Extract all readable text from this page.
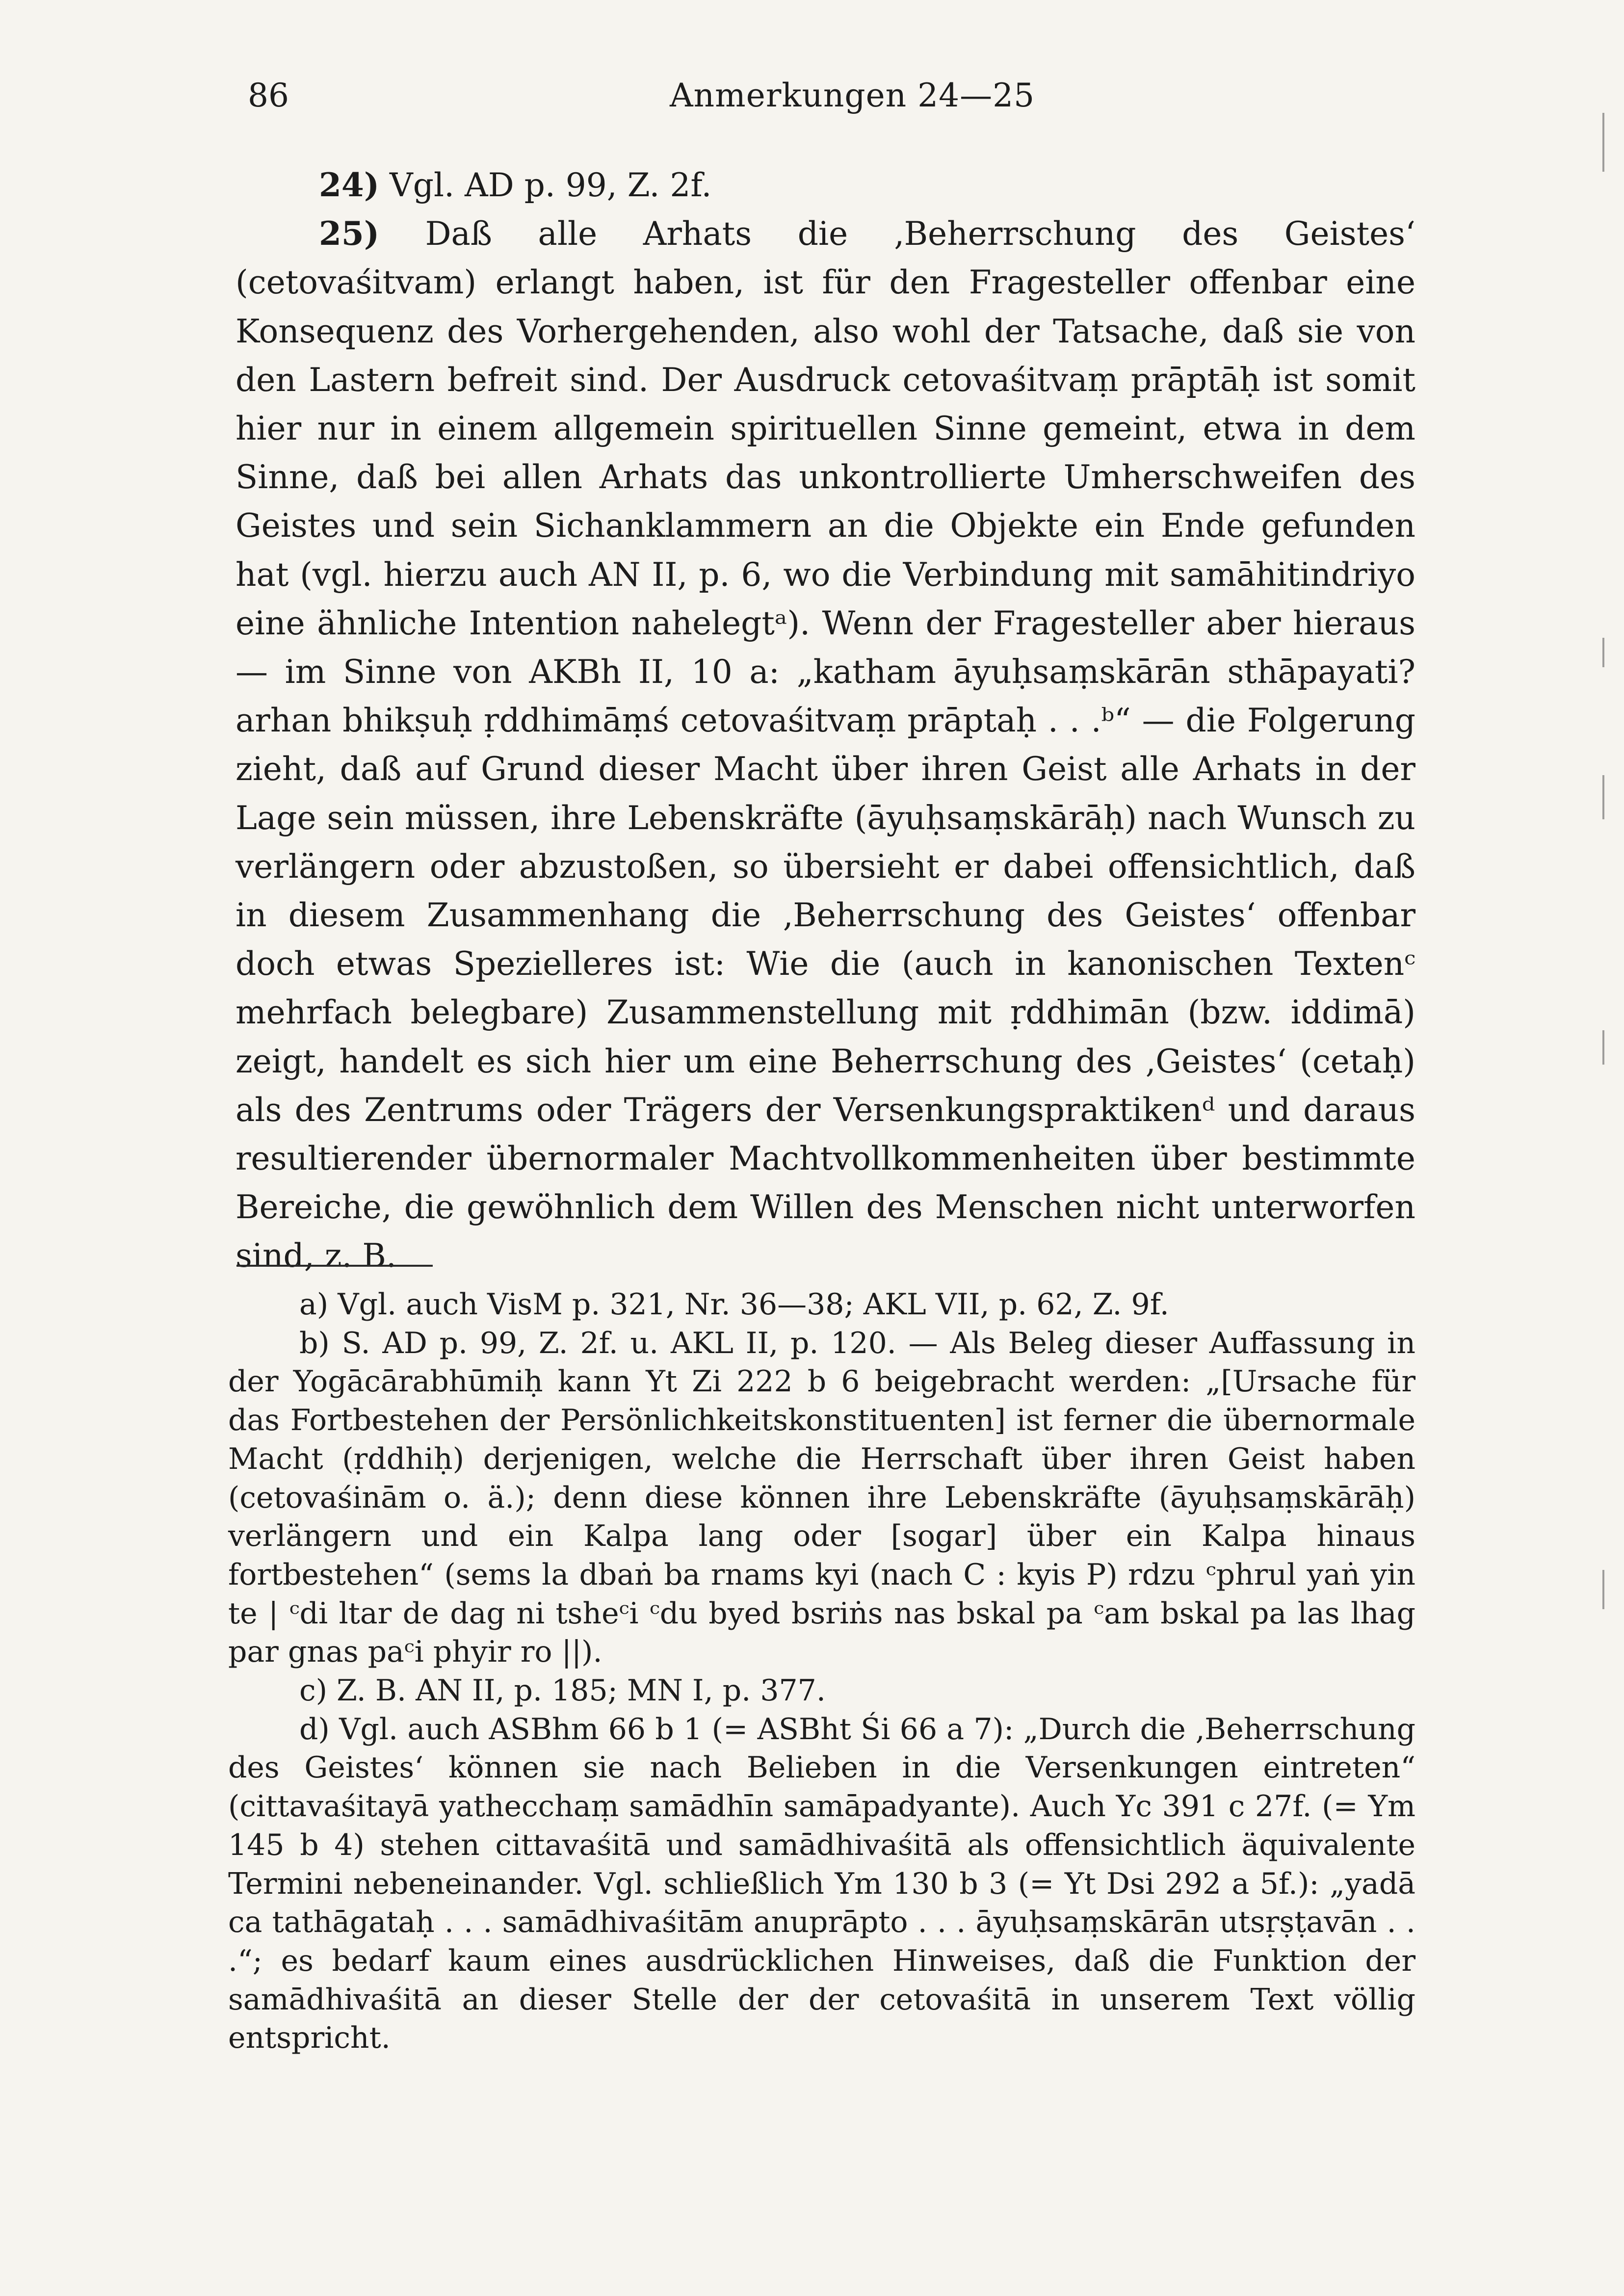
86	Anmerkungen 24—25

24) Vgl. AD p. 99, Z. 2f.

25) Daß alle Arhats die ‚Beherrschung des Geistes‘ (cetovaśitvam) erlangt haben, ist für den Fragesteller offenbar eine Konsequenz des Vorhergehenden, also wohl der Tatsache, daß sie von den Lastern befreit sind. Der Ausdruck cetovaśitvaṃ prāptāḥ ist somit hier nur in einem allgemein spirituellen Sinne gemeint, etwa in dem Sinne, daß bei allen Arhats das unkontrollierte Umherschweifen des Geistes und sein Sichanklammern an die Objekte ein Ende gefunden hat (vgl. hierzu auch AN II, p. 6, wo die Verbindung mit samāhitindriyo eine ähnliche Intention nahelegtᵃ). Wenn der Fragesteller aber hieraus — im Sinne von AKBh II, 10 a: „katham āyuḥsaṃskārān sthāpayati? arhan bhikṣuḥ ṛddhimāṃś cetovaśitvaṃ prāptaḥ . . .ᵇ“ — die Folgerung zieht, daß auf Grund dieser Macht über ihren Geist alle Arhats in der Lage sein müssen, ihre Lebenskräfte (āyuḥsaṃskārāḥ) nach Wunsch zu verlängern oder abzustoßen, so übersieht er dabei offensichtlich, daß in diesem Zusammenhang die ‚Beherrschung des Geistes‘ offenbar doch etwas Spezielleres ist: Wie die (auch in kanonischen Textenᶜ mehrfach belegbare) Zusammenstellung mit ṛddhimān (bzw. iddimā) zeigt, handelt es sich hier um eine Beherrschung des ‚Geistes‘ (cetaḥ) als des Zentrums oder Trägers der Versenkungspraktikenᵈ und daraus resultierender übernormaler Machtvollkommenheiten über bestimmte Bereiche, die gewöhnlich dem Willen des Menschen nicht unterworfen sind, z. B.

a) Vgl. auch VisM p. 321, Nr. 36—38; AKL VII, p. 62, Z. 9f.

b) S. AD p. 99, Z. 2f. u. AKL II, p. 120. — Als Beleg dieser Auffassung in der Yogācārabhūmiḥ kann Yt Zi 222 b 6 beigebracht werden: „[Ursache für das Fortbestehen der Persönlichkeitskonstituenten] ist ferner die übernormale Macht (ṛddhiḥ) derjenigen, welche die Herrschaft über ihren Geist haben (cetovaśinām o. ä.); denn diese können ihre Lebenskräfte (āyuḥsaṃskārāḥ) verlängern und ein Kalpa lang oder [sogar] über ein Kalpa hinaus fortbestehen“ (sems la dbaṅ ba rnams kyi (nach C : kyis P) rdzu ᶜphrul yaṅ yin te | ᶜdi ltar de dag ni tsheᶜi ᶜdu byed bsriṅs nas bskal pa ᶜam bskal pa las lhag par gnas paᶜi phyir ro ||).

c) Z. B. AN II, p. 185; MN I, p. 377.

d) Vgl. auch ASBhm 66 b 1 (= ASBht Śi 66 a 7): „Durch die ‚Beherrschung des Geistes‘ können sie nach Belieben in die Versenkungen eintreten“ (cittavaśitayā yathecchaṃ samādhīn samāpadyante). Auch Yc 391 c 27f. (= Ym 145 b 4) stehen cittavaśitā und samādhivaśitā als offensichtlich äquivalente Termini nebeneinander. Vgl. schließlich Ym 130 b 3 (= Yt Dsi 292 a 5f.): „yadā ca tathāgataḥ . . . samādhivaśitām anuprāpto . . . āyuḥsaṃskārān utsṛṣṭavān . . .“; es bedarf kaum eines ausdrücklichen Hinweises, daß die Funktion der samādhivaśitā an dieser Stelle der der cetovaśitā in unserem Text völlig entspricht.
